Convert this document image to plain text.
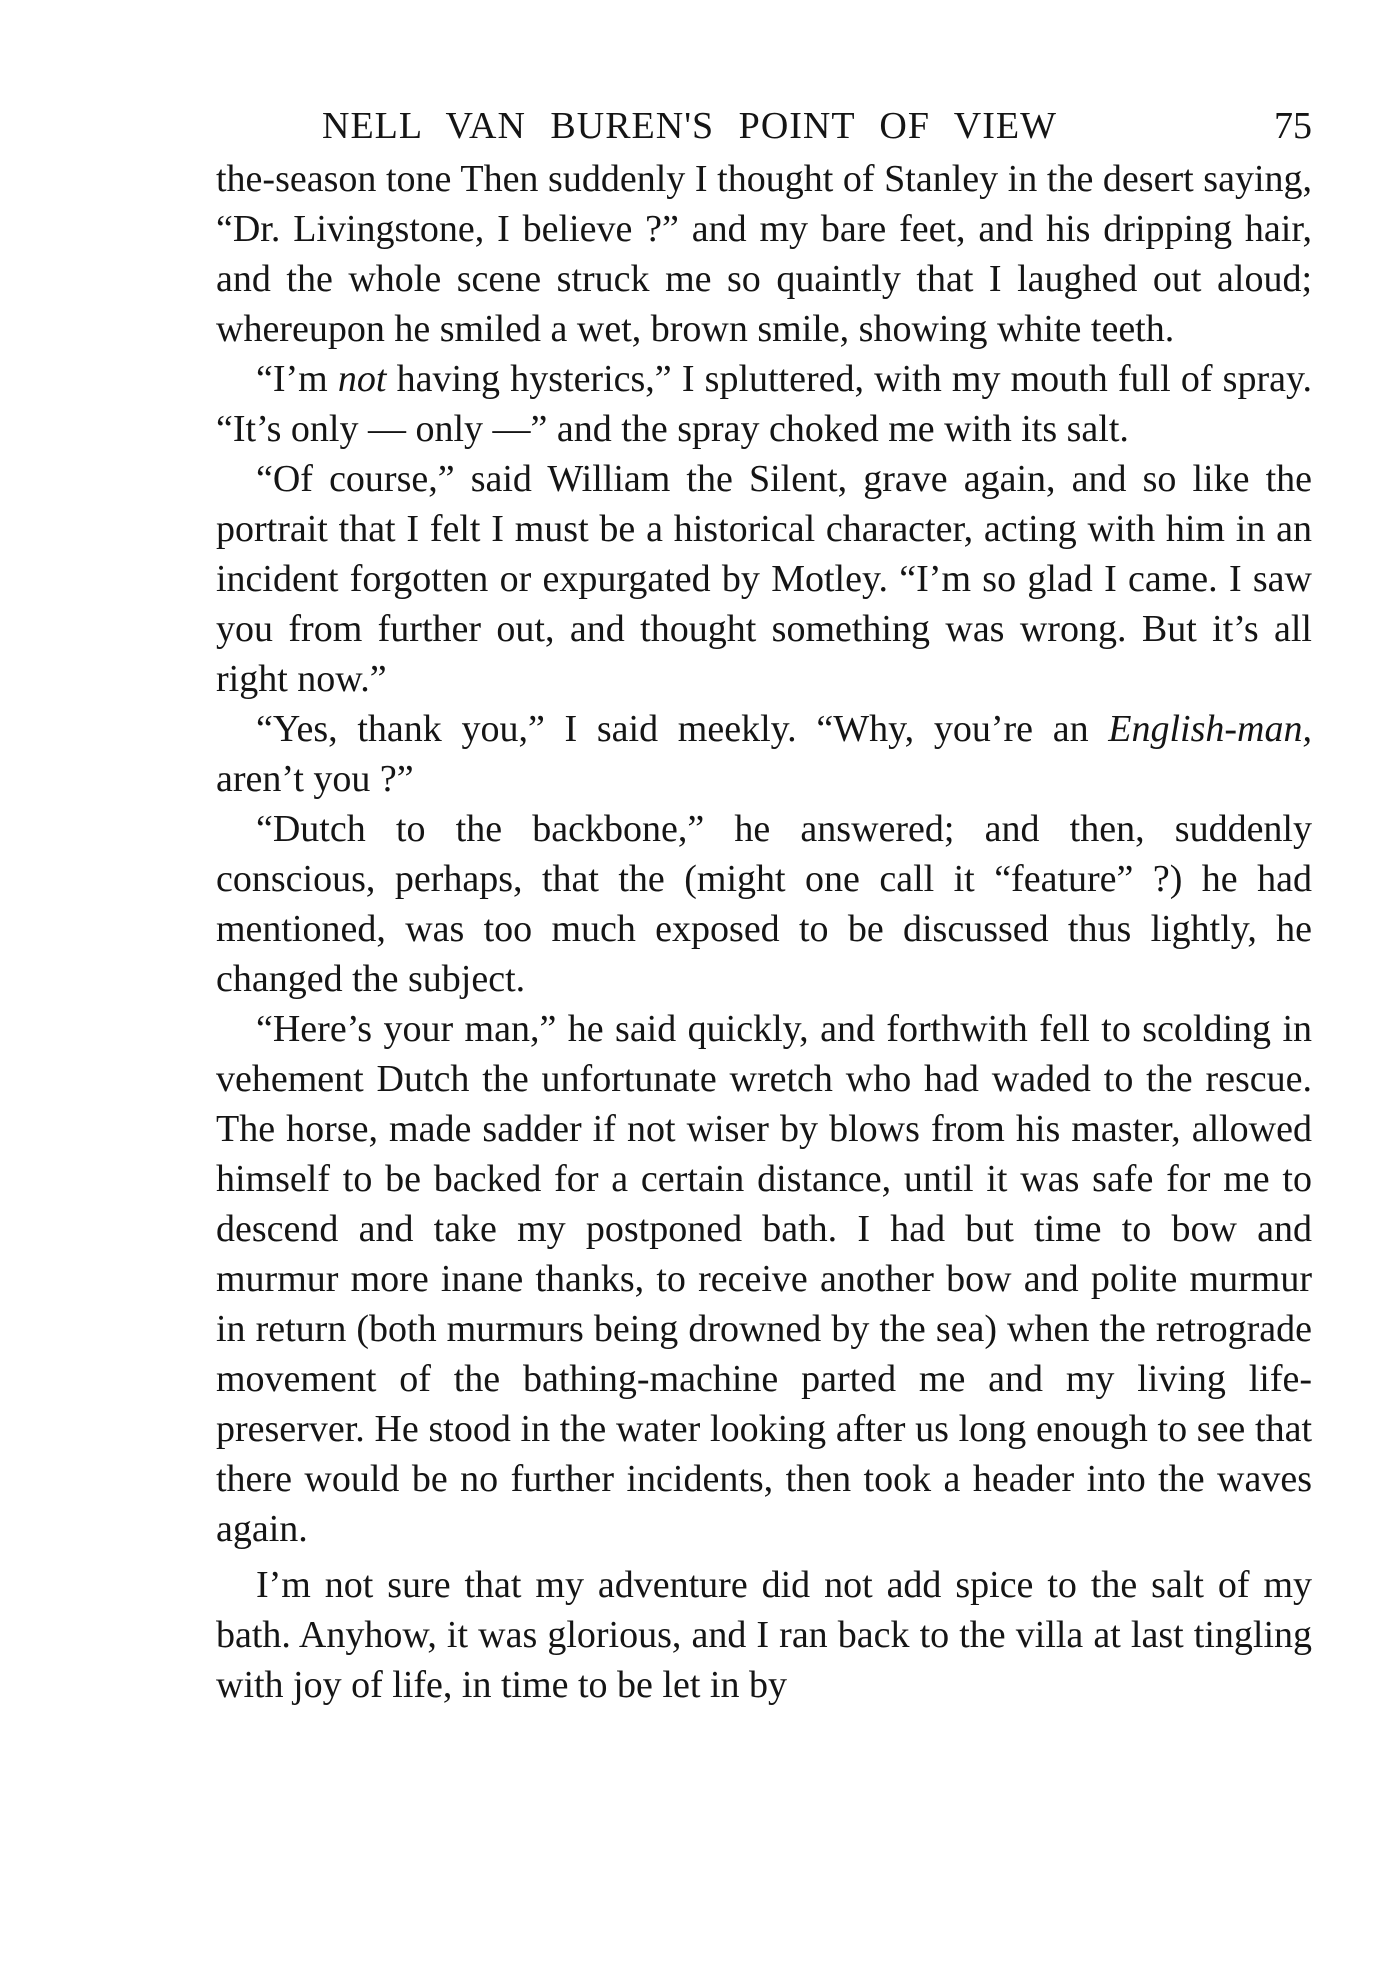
NELL VAN BUREN'S POINT OF VIEW	75

the-season tone Then suddenly I thought of Stanley in the desert saying, “Dr. Livingstone, I believe ?” and my bare feet, and his dripping hair, and the whole scene struck me so quaintly that I laughed out aloud; whereupon he smiled a wet, brown smile, showing white teeth.

“I’m not having hysterics,” I spluttered, with my mouth full of spray. “It’s only — only —” and the spray choked me with its salt.

“Of course,” said William the Silent, grave again, and so like the portrait that I felt I must be a historical character, acting with him in an incident forgotten or expurgated by Motley. “I’m so glad I came. I saw you from further out, and thought something was wrong. But it’s all right now.”

“Yes, thank you,” I said meekly. “Why, you’re an English-man, aren’t you ?”

“Dutch to the backbone,” he answered; and then, suddenly conscious, perhaps, that the (might one call it “feature” ?) he had mentioned, was too much exposed to be discussed thus lightly, he changed the subject.

“Here’s your man,” he said quickly, and forthwith fell to scolding in vehement Dutch the unfortunate wretch who had waded to the rescue. The horse, made sadder if not wiser by blows from his master, allowed himself to be backed for a certain distance, until it was safe for me to descend and take my postponed bath. I had but time to bow and murmur more inane thanks, to receive another bow and polite murmur in return (both murmurs being drowned by the sea) when the retrograde movement of the bathing-machine parted me and my living life-preserver. He stood in the water looking after us long enough to see that there would be no further incidents, then took a header into the waves again.

I’m not sure that my adventure did not add spice to the salt of my bath. Anyhow, it was glorious, and I ran back to the villa at last tingling with joy of life, in time to be let in by
